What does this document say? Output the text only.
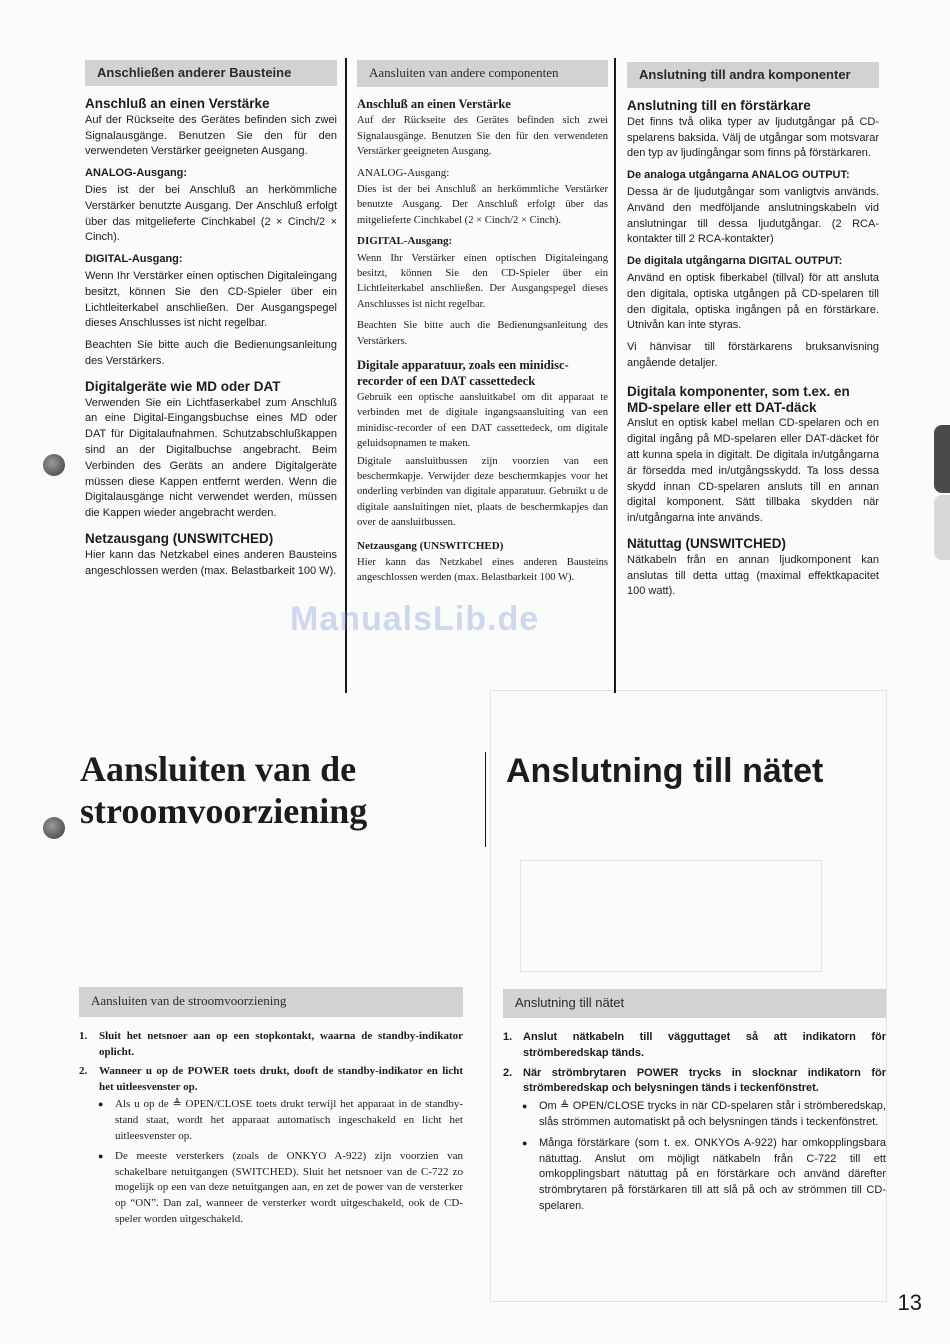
Anschließen anderer Bausteine
Anschluß an einen Verstärke

Auf der Rückseite des Gerätes befinden sich zwei Signalausgänge. Benutzen Sie den für den verwendeten Verstärker geeigneten Ausgang.

ANALOG-Ausgang:

Dies ist der bei Anschluß an herkömmliche Verstärker benutzte Ausgang. Der Anschluß erfolgt über das mitgelieferte Cinchkabel (2 × Cinch/2 × Cinch).

DIGITAL-Ausgang:

Wenn Ihr Verstärker einen optischen Digitaleingang besitzt, können Sie den CD-Spieler über ein Lichtleiterkabel anschließen. Der Ausgangspegel dieses Anschlusses ist nicht regelbar.

Beachten Sie bitte auch die Bedienungsanleitung des Verstärkers.

Digitalgeräte wie MD oder DAT

Verwenden Sie ein Lichtfaserkabel zum Anschluß an eine Digital-Eingangsbuchse eines MD oder DAT für Digitalaufnahmen. Schutzabschlußkappen sind an der Digitalbuchse angebracht. Beim Verbinden des Geräts an andere Digitalgeräte müssen diese Kappen entfernt werden. Wenn die Digitalausgänge nicht verwendet werden, müssen die Kappen wieder angebracht werden.

Netzausgang (UNSWITCHED)

Hier kann das Netzkabel eines anderen Bausteins angeschlossen werden (max. Belastbarkeit 100 W).

Aansluiten van andere componenten
Anschluß an einen Verstärke

Auf der Rückseite des Gerätes befinden sich zwei Signalausgänge. Benutzen Sie den für den verwendeten Verstärker geeigneten Ausgang.

ANALOG-Ausgang:

Dies ist der bei Anschluß an herkömmliche Verstärker benutzte Ausgang. Der Anschluß erfolgt über das mitgelieferte Cinchkabel (2 × Cinch/2 × Cinch).

DIGITAL-Ausgang:

Wenn Ihr Verstärker einen optischen Digitaleingang besitzt, können Sie den CD-Spieler über ein Lichtleiterkabel anschließen. Der Ausgangspegel dieses Anschlusses ist nicht regelbar.

Beachten Sie bitte auch die Bedienungsanleitung des Verstärkers.

Digitale apparatuur, zoals een minidisc-recorder of een DAT cassettedeck

Gebruik een optische aansluitkabel om dit apparaat te verbinden met de digitale ingangsaansluiting van een minidisc-recorder of een DAT cassettedeck, om digitale geluidsopnamen te maken.

Digitale aansluitbussen zijn voorzien van een beschermkapje. Verwijder deze beschermkapjes voor het onderling verbinden van digitale apparatuur. Gebruikt u de digitale aansluitingen niet, plaats de beschermkapjes dan over de aansluitbussen.

Netzausgang (UNSWITCHED)

Hier kann das Netzkabel eines anderen Bausteins angeschlossen werden (max. Belastbarkeit 100 W).

Anslutning till andra komponenter
Anslutning till en förstärkare

Det finns två olika typer av ljudutgångar på CD-spelarens baksida. Välj de utgångar som motsvarar den typ av ljudingångar som finns på förstärkaren.

De analoga utgångarna ANALOG OUTPUT:

Dessa är de ljudutgångar som vanligtvis används. Använd den medföljande anslutningskabeln vid anslutningar till dessa ljudutgångar. (2 RCA-kontakter till 2 RCA-kontakter)

De digitala utgångarna DIGITAL OUTPUT:

Använd en optisk fiberkabel (tillval) för att ansluta den digitala, optiska utgången på CD-spelaren till den digitala, optiska ingången på en förstärkare. Utnivån kan inte styras.

Vi hänvisar till förstärkarens bruksanvisning angående detaljer.

Digitala komponenter, som t.ex. en MD-spelare eller ett DAT-däck

Anslut en optisk kabel mellan CD-spelaren och en digital ingång på MD-spelaren eller DAT-däcket för att kunna spela in digitalt. De digitala in/utgångarna är försedda med in/utgångsskydd. Ta loss dessa skydd innan CD-spelaren ansluts till en annan digital komponent. Sätt tillbaka skydden när in/utgångarna inte används.

Nätuttag (UNSWITCHED)

Nätkabeln från en annan ljudkomponent kan anslutas till detta uttag (maximal effektkapacitet 100 watt).

ManualsLib.de
Aansluiten van de
stroomvoorziening
Anslutning till nätet
Aansluiten van de stroomvoorziening
1. Sluit het netsnoer aan op een stopkontakt, waarna de standby-indikator oplicht.
2. Wanneer u op de POWER toets drukt, dooft de standby-indikator en licht het uitleesvenster op.
● Als u op de ≜ OPEN/CLOSE toets drukt terwijl het apparaat in de standby-stand staat, wordt het apparaat automatisch ingeschakeld en licht het uitleesvenster op.
● De meeste versterkers (zoals de ONKYO A-922) zijn voorzien van schakelbare netuitgangen (SWITCHED). Sluit het netsnoer van de C-722 zo mogelijk op een van deze netuitgangen aan, en zet de power van de versterker op “ON”. Dan zal, wanneer de versterker wordt uitgeschakeld, ook de CD-speler worden uitgeschakeld.
Anslutning till nätet
1. Anslut nätkabeln till vägguttaget så att indikatorn för strömberedskap tänds.
2. När strömbrytaren POWER trycks in slocknar indikatorn för strömberedskap och belysningen tänds i teckenfönstret.
● Om ≜ OPEN/CLOSE trycks in när CD-spelaren står i strömberedskap, slås strömmen automatiskt på och belysningen tänds i teckenfönstret.
● Många förstärkare (som t. ex. ONKYOs A-922) har omkopplingsbara nätuttag. Anslut om möjligt nätkabeln från C-722 till ett omkopplingsbart nätuttag på en förstärkare och använd därefter strömbrytaren på förstärkaren till att slå på och av strömmen till CD-spelaren.
13
